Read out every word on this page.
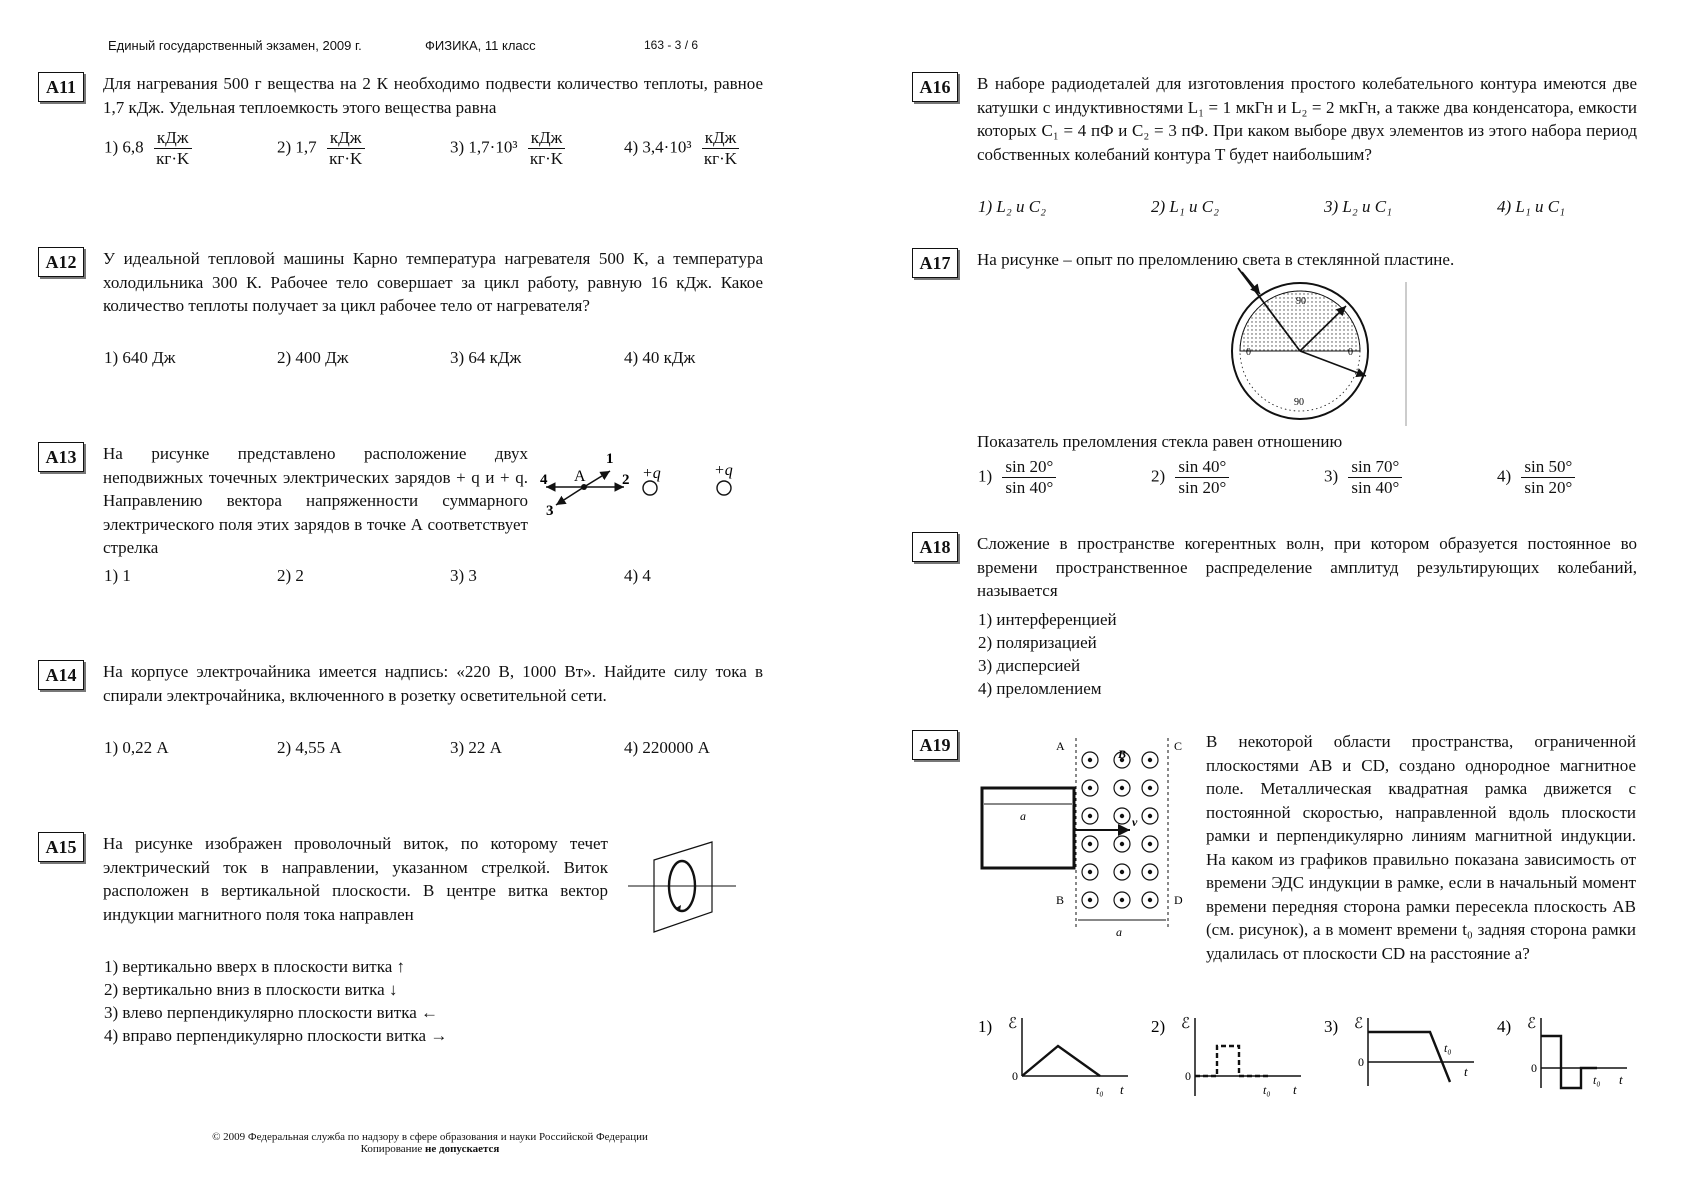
Единый государственный экзамен, 2009 г.	ФИЗИКА, 11 класс	163 - 3 / 6
A11	Для нагревания 500 г вещества на 2 К необходимо подвести количество теплоты, равное 1,7 кДж. Удельная теплоемкость этого вещества равна
1) $6,8 \frac{\text{кДж}}{кг\cdot K}$	2) $1,7 \frac{\text{кДж}}{кг\cdot K}$	3) $1,7\cdot 10^3 \frac{\text{кДж}}{кг\cdot K}$	4) $3,4\cdot 10^3 \frac{\text{кДж}}{кг\cdot K}$
A12	У идеальной тепловой машины Карно температура нагревателя 500 К, а температура холодильника 300 К. Рабочее тело совершает за цикл работу, равную 16 кДж. Какое количество теплоты получает за цикл рабочее тело от нагревателя?
1) 640 Дж	2) 400 Дж	3) 64 кДж	4) 40 кДж
A13	На рисунке представлено расположение двух неподвижных точечных электрических зарядов + q и + q. Направлению вектора напряженности суммарного электрического поля этих зарядов в точке А соответствует стрелка
A
1
2
3
4	+q	+q
1) 1	2) 2	3) 3	4) 4
A14	На корпусе электрочайника имеется надпись: «220 В, 1000 Вт». Найдите силу тока в спирали электрочайника, включенного в розетку осветительной сети.
1) 0,22 А	2) 4,55 А	3) 22 А	4) 220000 А
A15	На рисунке изображен проволочный виток, по которому течет электрический ток в направлении, указанном стрелкой. Виток расположен в вертикальной плоскости. В центре витка вектор индукции магнитного поля тока направлен
1) вертикально вверх в плоскости витка ↑
2) вертикально вниз в плоскости витка ↓
3) влево перпендикулярно плоскости витка ←
4) вправо перпендикулярно плоскости витка →
A16	В наборе радиодеталей для изготовления простого колебательного контура имеются две катушки с индуктивностями L₁ = 1 мкГн и L₂ = 2 мкГн, а также два конденсатора, емкости которых C₁ = 4 пФ и C₂ = 3 пФ. При каком выборе двух элементов из этого набора период собственных колебаний контура T будет наибольшим?
1) L₂ и C₂	2) L₁ и C₂	3) L₂ и C₁	4) L₁ и C₁
A17	На рисунке – опыт по преломлению света в стеклянной пластине.
90
0	0
90
Показатель преломления стекла равен отношению
$1) \frac{\sin 20^\circ}{\sin 40^\circ}$	$2) \frac{\sin 40^\circ}{\sin 20^\circ}$	$3) \frac{\sin 70^\circ}{\sin 40^\circ}$	$4) \frac{\sin 50^\circ}{\sin 20^\circ}$
A18	Сложение в пространстве когерентных волн, при котором образуется постоянное во времени пространственное распределение амплитуд результирующих колебаний, называется
1) интерференцией
2) поляризацией
3) дисперсией
4) преломлением
A19	A
B
C
D
a	v
B
a
В некоторой области пространства, ограниченной плоскостями AB и CD, создано однородное магнитное поле. Металлическая квадратная рамка движется с постоянной скоростью, направленной вдоль плоскости рамки и перпендикулярно линиям магнитной индукции. На каком из графиков правильно показана зависимость от времени ЭДС индукции в рамке, если в начальный момент времени передняя сторона рамки пересекла плоскость AB (см. рисунок), а в момент времени t₀ задняя сторона рамки удалилась от плоскости CD на расстояние a?
1) ℰ
0
t
t₀
2) ℰ
0
t
t₀
3) ℰ
0
t
t₀
4) ℰ
0
t
t₀
© 2009 Федеральная служба по надзору в сфере образования и науки Российской Федерации
Копирование не допускается
